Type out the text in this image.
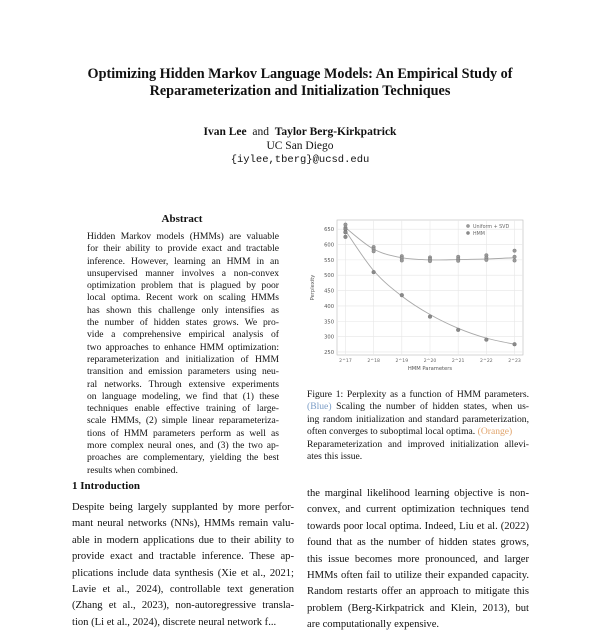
Optimizing Hidden Markov Language Models: An Empirical Study of
Reparameterization and Initialization Techniques
Ivan Lee and Taylor Berg-Kirkpatrick
UC San Diego
{iylee,tberg}@ucsd.edu
Abstract
Hidden Markov models (HMMs) are valuable
for their ability to provide exact and tractable
inference. However, learning an HMM in an
unsupervised manner involves a non-convex
optimization problem that is plagued by poor
local optima. Recent work on scaling HMMs
has shown this challenge only intensifies as
the number of hidden states grows. We pro-
vide a comprehensive empirical analysis of
two approaches to enhance HMM optimization:
reparameterization and initialization of HMM
transition and emission parameters using neu-
ral networks. Through extensive experiments
on language modeling, we find that (1) these
techniques enable effective training of large-
scale HMMs, (2) simple linear reparameteriza-
tions of HMM parameters perform as well as
more complex neural ones, and (3) the two ap-
proaches are complementary, yielding the best
results when combined.
1 Introduction
Despite being largely supplanted by more perfor-
mant neural networks (NNs), HMMs remain valu-
able in modern applications due to their ability to
provide exact and tractable inference. These ap-
plications include data synthesis (Xie et al., 2021;
Lavie et al., 2024), controllable text generation
(Zhang et al., 2023), non-autoregressive transla-
tion (Li et al., 2024), discrete neural network f...
the marginal likelihood learning objective is non-
convex, and current optimization techniques tend
towards poor local optima. Indeed, Liu et al. (2022)
found that as the number of hidden states grows,
this issue becomes more pronounced, and larger
HMMs often fail to utilize their expanded capacity.
Random restarts offer an approach to mitigate this
problem (Berg-Kirkpatrick and Klein, 2013), but
are computationally expensive.
250
300
350
400
450
500
550
600
650
2^17	2^18	2^19	2^20	2^21	2^22	2^23
HMM Parameters
Perplexity
Uniform + SVD
HMM
Figure 1: Perplexity as a function of HMM parameters.
(Blue) Scaling the number of hidden states, when us-
ing random initialization and standard parameterization,
often converges to suboptimal local optima. (Orange)
Reparameterization and improved initialization allevi-
ates this issue.
